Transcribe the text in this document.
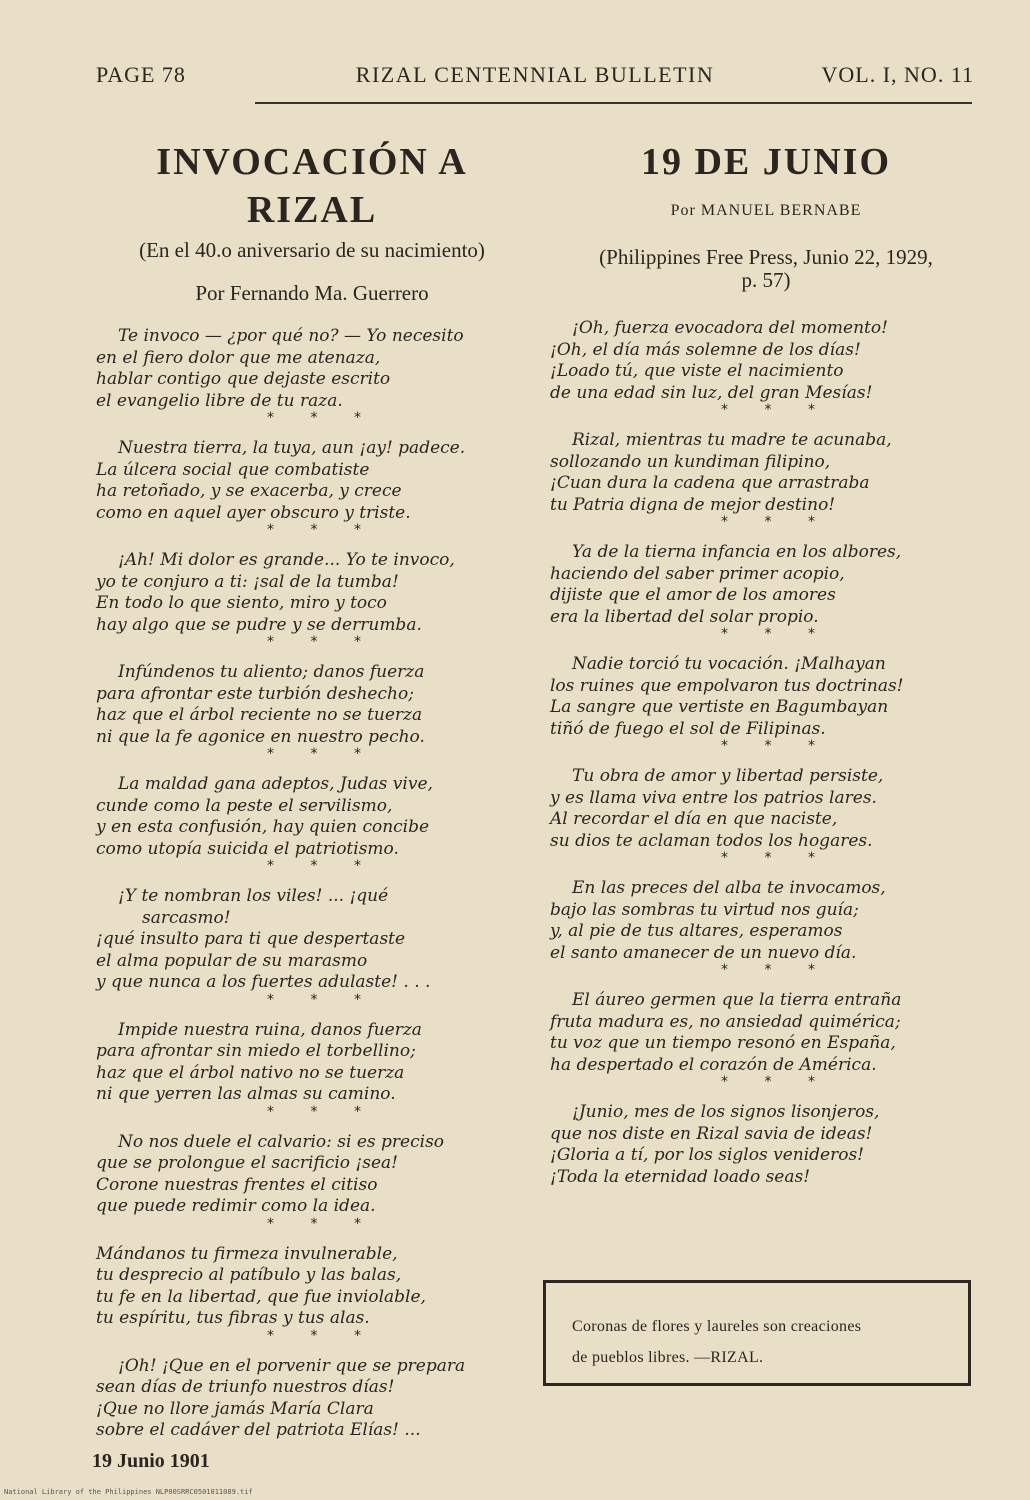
PAGE 78	RIZAL CENTENNIAL BULLETIN	VOL. I, NO. 11
INVOCACIÓN A RIZAL
(En el 40.o aniversario de su nacimiento)
Por Fernando Ma. Guerrero
Te invoco — ¿por qué no? — Yo necesito
en el fiero dolor que me atenaza,
hablar contigo que dejaste escrito
el evangelio libre de tu raza.
* * *
Nuestra tierra, la tuya, aun ¡ay! padece.
La úlcera social que combatiste
ha retoñado, y se exacerba, y crece
como en aquel ayer obscuro y triste.
* * *
¡Ah! Mi dolor es grande... Yo te invoco,
yo te conjuro a ti: ¡sal de la tumba!
En todo lo que siento, miro y toco
hay algo que se pudre y se derrumba.
* * *
Infúndenos tu aliento; danos fuerza
para afrontar este turbión deshecho;
haz que el árbol reciente no se tuerza
ni que la fe agonice en nuestro pecho.
* * *
La maldad gana adeptos, Judas vive,
cunde como la peste el servilismo,
y en esta confusión, hay quien concibe
como utopía suicida el patriotismo.
* * *
¡Y te nombran los viles! ... ¡qué
sarcasmo!
¡qué insulto para ti que despertaste
el alma popular de su marasmo
y que nunca a los fuertes adulaste! . . .
* * *
Impide nuestra ruina, danos fuerza
para afrontar sin miedo el torbellino;
haz que el árbol nativo no se tuerza
ni que yerren las almas su camino.
* * *
No nos duele el calvario: si es preciso
que se prolongue el sacrificio ¡sea!
Corone nuestras frentes el citiso
que puede redimir como la idea.
* * *
Mándanos tu firmeza invulnerable,
tu desprecio al patíbulo y las balas,
tu fe en la libertad, que fue inviolable,
tu espíritu, tus fibras y tus alas.
* * *
¡Oh! ¡Que en el porvenir que se prepara
sean días de triunfo nuestros días!
¡Que no llore jamás María Clara
sobre el cadáver del patriota Elías! ...
19 Junio 1901
19 DE JUNIO
Por MANUEL BERNABE
(Philippines Free Press, Junio 22, 1929,
p. 57)
¡Oh, fuerza evocadora del momento!
¡Oh, el día más solemne de los días!
¡Loado tú, que viste el nacimiento
de una edad sin luz, del gran Mesías!
* * *
Rizal, mientras tu madre te acunaba,
sollozando un kundiman filipino,
¡Cuan dura la cadena que arrastraba
tu Patria digna de mejor destino!
* * *
Ya de la tierna infancia en los albores,
haciendo del saber primer acopio,
dijiste que el amor de los amores
era la libertad del solar propio.
* * *
Nadie torció tu vocación. ¡Malhayan
los ruines que empolvaron tus doctrinas!
La sangre que vertiste en Bagumbayan
tiñó de fuego el sol de Filipinas.
* * *
Tu obra de amor y libertad persiste,
y es llama viva entre los patrios lares.
Al recordar el día en que naciste,
su dios te aclaman todos los hogares.
* * *
En las preces del alba te invocamos,
bajo las sombras tu virtud nos guía;
y, al pie de tus altares, esperamos
el santo amanecer de un nuevo día.
* * *
El áureo germen que la tierra entraña
fruta madura es, no ansiedad quimérica;
tu voz que un tiempo resonó en España,
ha despertado el corazón de América.
* * *
¡Junio, mes de los signos lisonjeros,
que nos diste en Rizal savia de ideas!
¡Gloria a tí, por los siglos venideros!
¡Toda la eternidad loado seas!
Coronas de flores y laureles son creaciones
de pueblos libres. —RIZAL.
National Library of the Philippines NLP00SRRC0501011089.tif
